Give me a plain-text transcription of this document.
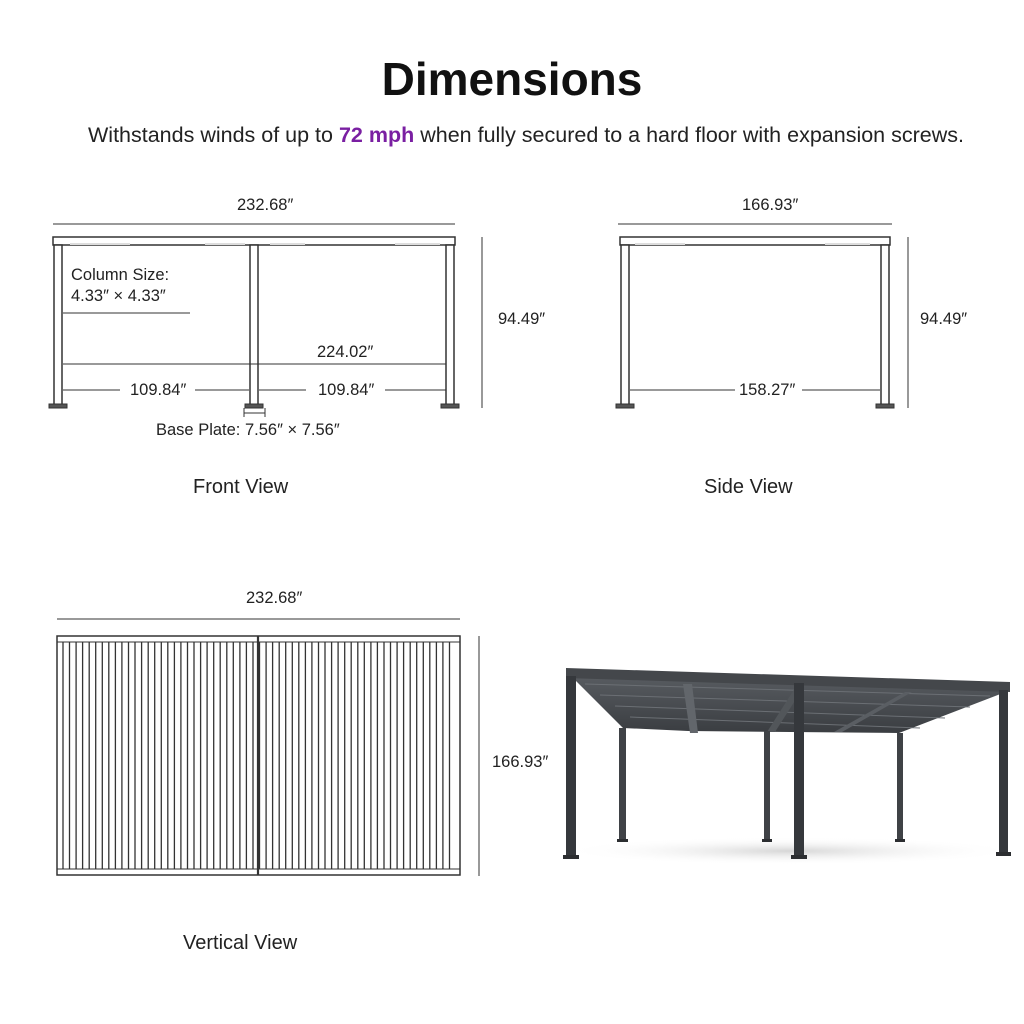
Dimensions
Withstands winds of up to 72 mph when fully secured to a hard floor with expansion screws.
232.68″
Column Size:
4.33″ × 4.33″
94.49″
224.02″
109.84″	109.84″
Base Plate: 7.56″ × 7.56″
Front View
166.93″
94.49″
158.27″
Side View
232.68″
166.93″
Vertical View
